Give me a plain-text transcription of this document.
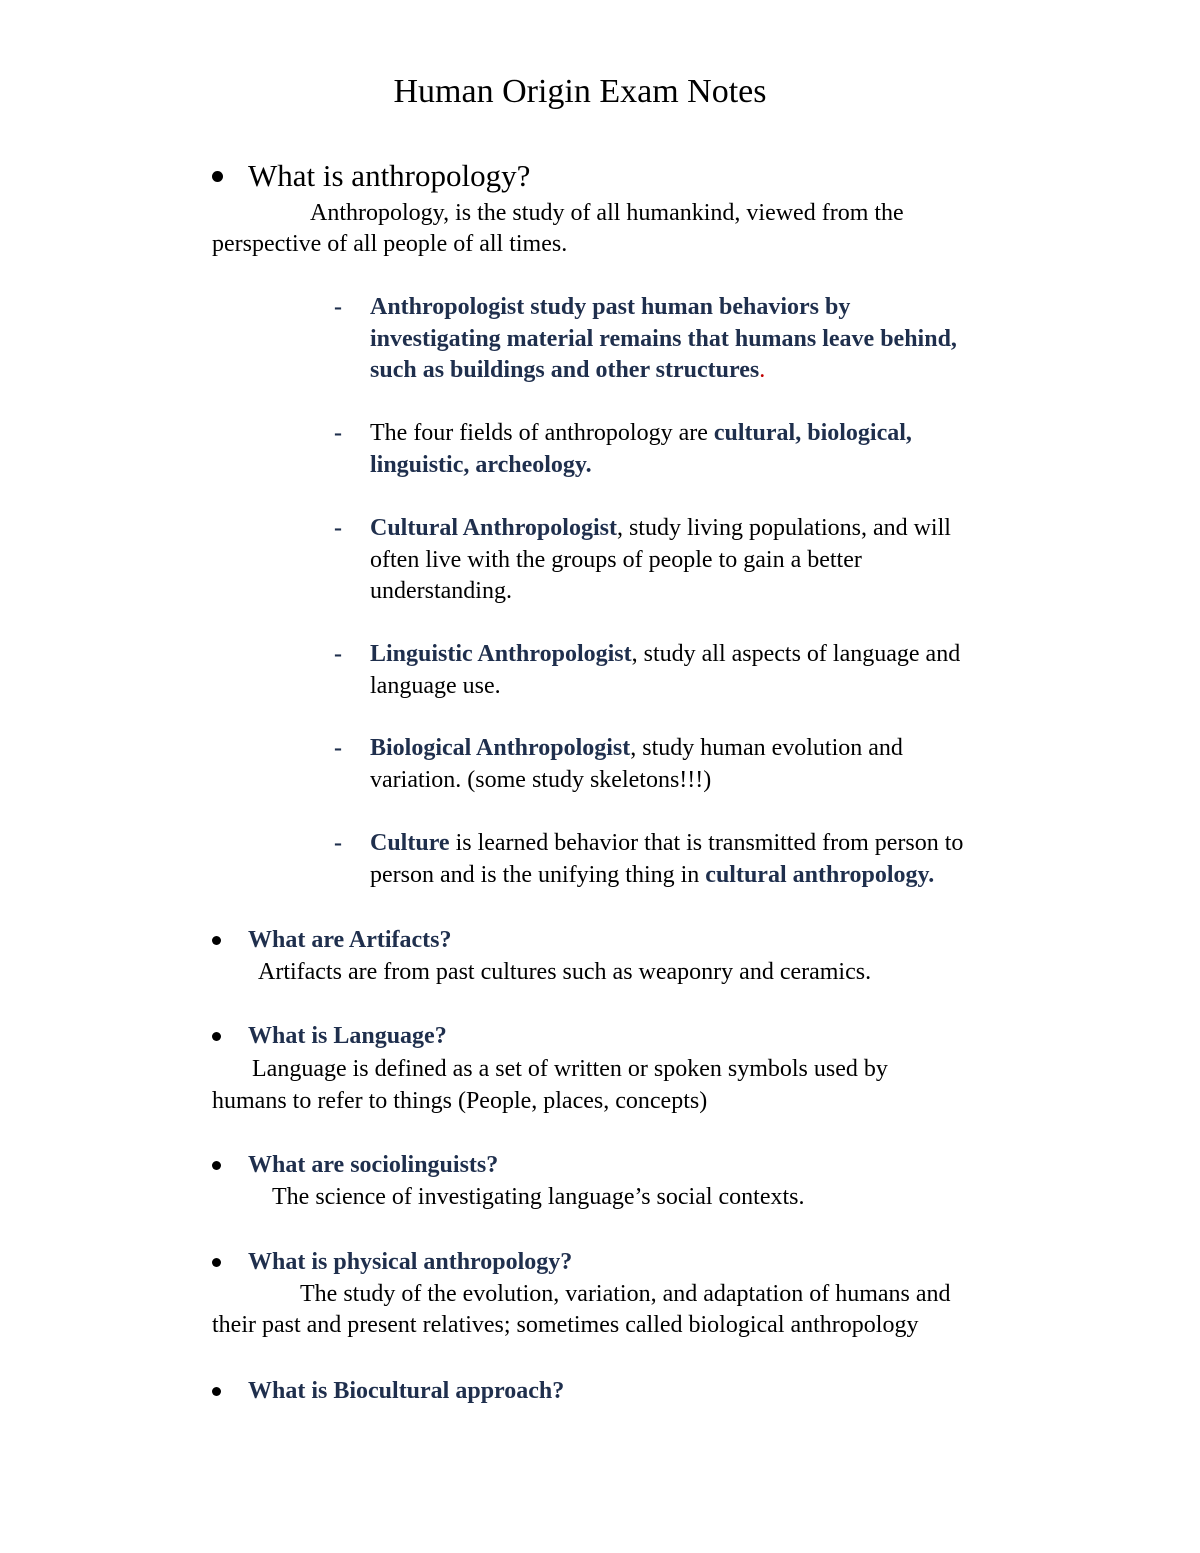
Human Origin Exam Notes
What is anthropology?
Anthropology, is the study of all humankind, viewed from the
perspective of all people of all times.
- Anthropologist study past human behaviors by
investigating material remains that humans leave behind,
such as buildings and other structures.
- The four fields of anthropology are cultural, biological,
linguistic, archeology.
- Cultural Anthropologist, study living populations, and will
often live with the groups of people to gain a better
understanding.
- Linguistic Anthropologist, study all aspects of language and
language use.
- Biological Anthropologist, study human evolution and
variation. (some study skeletons!!!)
- Culture is learned behavior that is transmitted from person to
person and is the unifying thing in cultural anthropology.
What are Artifacts?
Artifacts are from past cultures such as weaponry and ceramics.
What is Language?
Language is defined as a set of written or spoken symbols used by
humans to refer to things (People, places, concepts)
What are sociolinguists?
The science of investigating language’s social contexts.
What is physical anthropology?
The study of the evolution, variation, and adaptation of humans and
their past and present relatives; sometimes called biological anthropology
What is Biocultural approach?
